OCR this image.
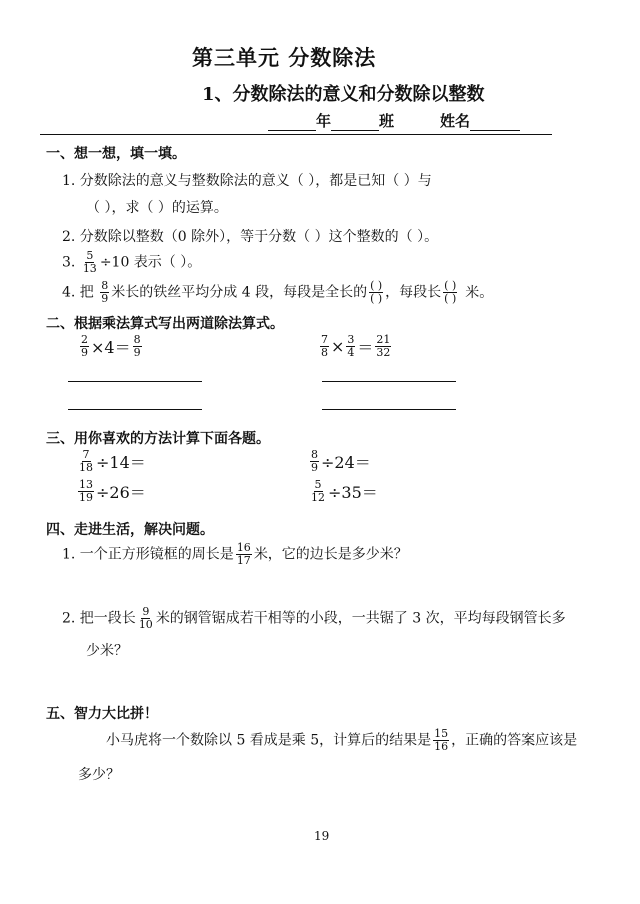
第三单元 分数除法
1、分数除法的意义和分数除以整数
年	班	姓名
一、想一想，填一填。
1. 分数除法的意义与整数除法的意义（ ），都是已知（ ）与
（ ），求（ ）的运算。
2. 分数除以整数（0 除外），等于分数（ ）这个整数的（ ）。
3. $\frac{5}{13} \div 10$ 表示（ ）。
4. 把 $\frac{8}{9}$ 米长的铁丝平均分成 4 段，每段是全长的 $\frac{( )}{( )}$ ，每段长 $\frac{( )}{( )}$ 米。
二、根据乘法算式写出两道除法算式。
$\frac{2}{9} \times 4= \frac{8}{9}$	$\frac{7}{8} \times \frac{3}{4} = \frac{21}{32}$
三、用你喜欢的方法计算下面各题。
$\frac{7}{18} \div 14=$	$\frac{8}{9} \div 24=$
$\frac{13}{19} \div 26=$	$\frac{5}{12} \div 35=$
四、走进生活，解决问题。
1. 一个正方形镜框的周长是 $\frac{16}{17}$ 米，它的边长是多少米？
2. 把一段长 $\frac{9}{10}$ 米的钢管锯成若干相等的小段，一共锯了 3 次，平均每段钢管长多
少米？
五、智力大比拼！
小马虎将一个数除以 5 看成是乘 5，计算后的结果是 $\frac{15}{16}$ ，正确的答案应该是
多少？
19
